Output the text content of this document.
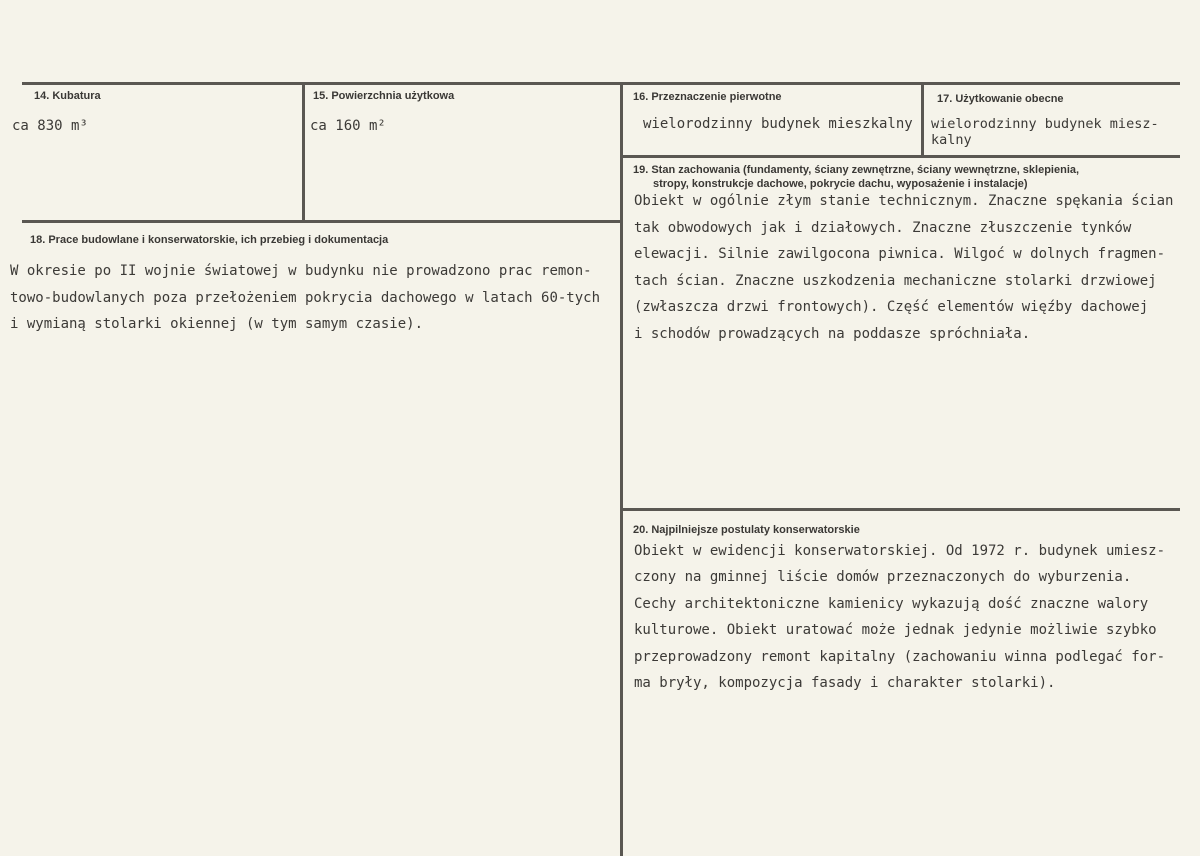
14. Kubatura
ca 830 m³
15. Powierzchnia użytkowa
ca 160 m²
16. Przeznaczenie pierwotne
wielorodzinny budynek mieszkalny
17. Użytkowanie obecne
wielorodzinny budynek miesz-
kalny
18. Prace budowlane i konserwatorskie, ich przebieg i dokumentacja
W okresie po II wojnie światowej w budynku nie prowadzono prac remon-
towo-budowlanych poza przełożeniem pokrycia dachowego w latach 60-tych
i wymianą stolarki okiennej (w tym samym czasie).
19. Stan zachowania (fundamenty, ściany zewnętrzne, ściany wewnętrzne, sklepienia,
stropy, konstrukcje dachowe, pokrycie dachu, wyposażenie i instalacje)
Obiekt w ogólnie złym stanie technicznym. Znaczne spękania ścian
tak obwodowych jak i działowych. Znaczne złuszczenie tynków
elewacji. Silnie zawilgocona piwnica. Wilgoć w dolnych fragmen-
tach ścian. Znaczne uszkodzenia mechaniczne stolarki drzwiowej
(zwłaszcza drzwi frontowych). Część elementów więźby dachowej
i schodów prowadzących na poddasze spróchniała.
20. Najpilniejsze postulaty konserwatorskie
Obiekt w ewidencji konserwatorskiej. Od 1972 r. budynek umiesz-
czony na gminnej liście domów przeznaczonych do wyburzenia.
Cechy architektoniczne kamienicy wykazują dość znaczne walory
kulturowe. Obiekt uratować może jednak jedynie możliwie szybko
przeprowadzony remont kapitalny (zachowaniu winna podlegać for-
ma bryły, kompozycja fasady i charakter stolarki).
